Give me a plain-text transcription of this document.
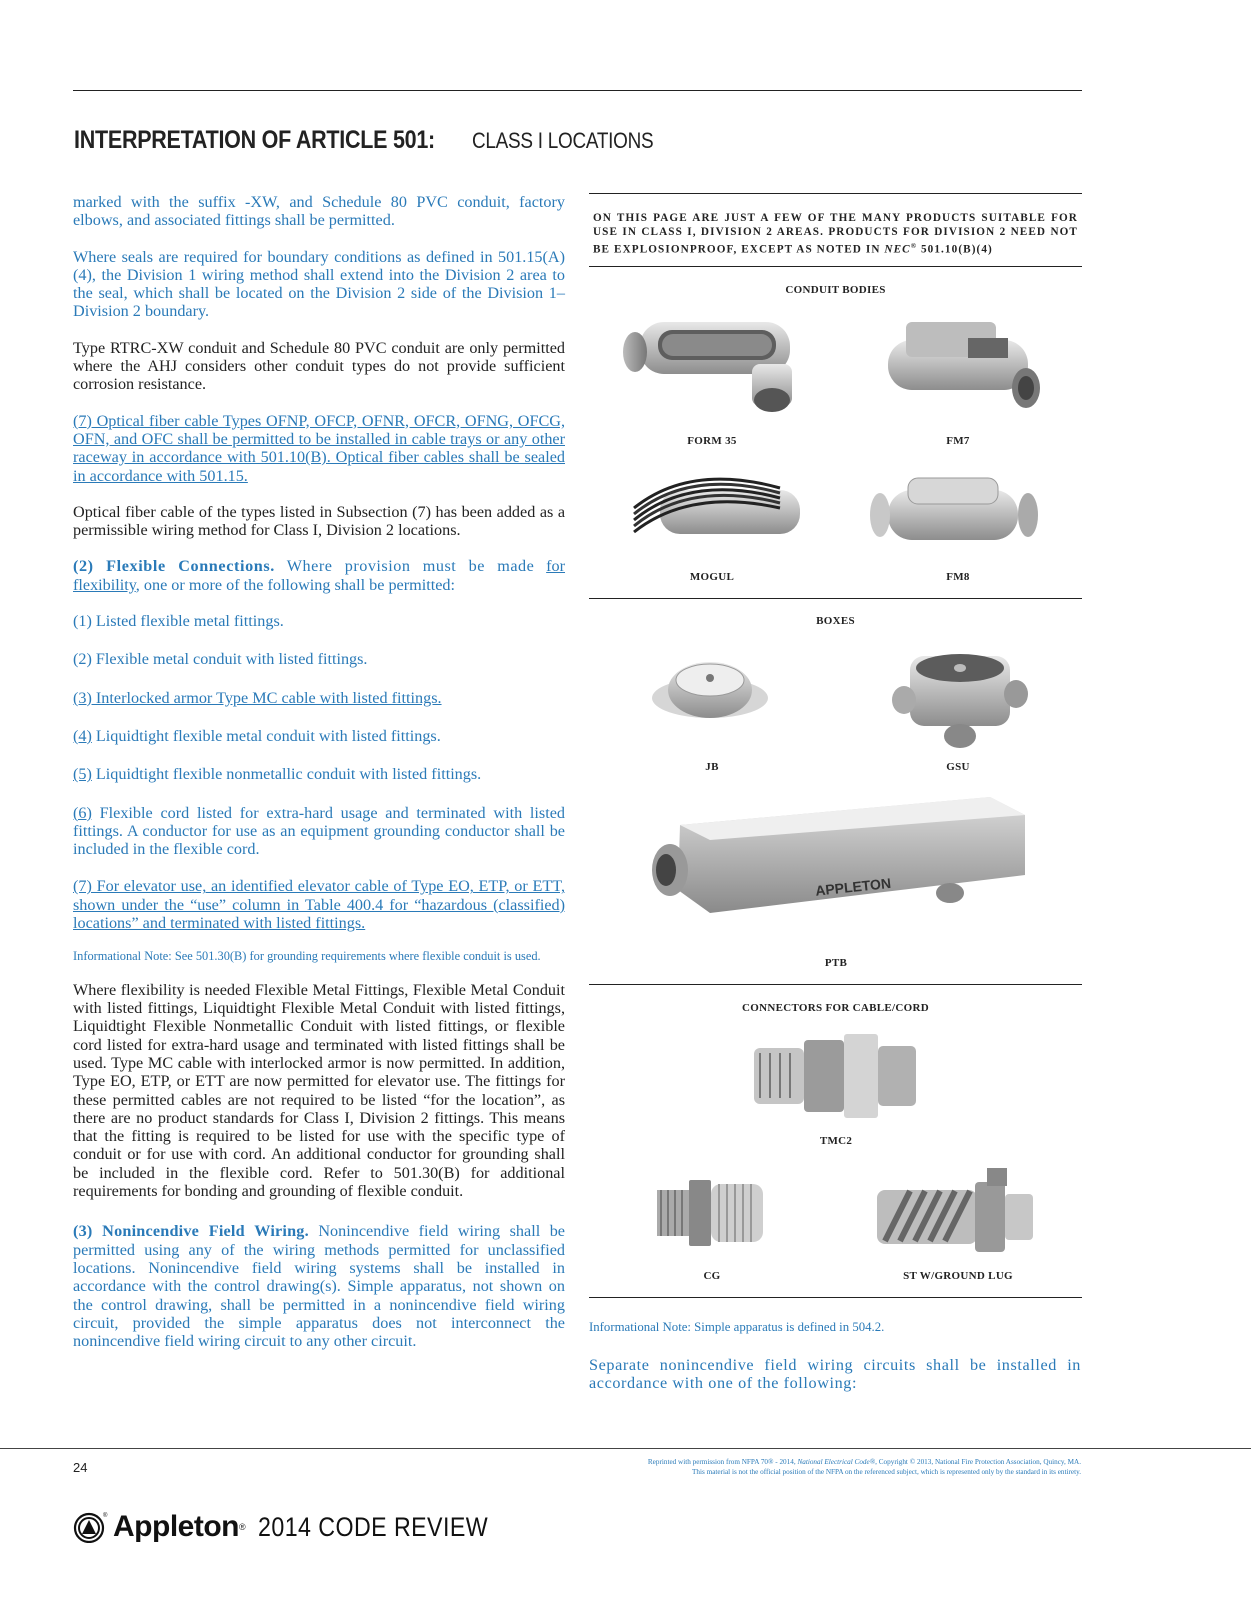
INTERPRETATION OF ARTICLE 501: CLASS I LOCATIONS

marked with the suffix -XW, and Schedule 80 PVC conduit, factory elbows, and associated fittings shall be permitted.

Where seals are required for boundary conditions as defined in 501.15(A)(4), the Division 1 wiring method shall extend into the Division 2 area to the seal, which shall be located on the Division 2 side of the Division 1–Division 2 boundary.

Type RTRC-XW conduit and Schedule 80 PVC conduit are only permitted where the AHJ considers other conduit types do not provide sufficient corrosion resistance.

(7) Optical fiber cable Types OFNP, OFCP, OFNR, OFCR, OFNG, OFCG, OFN, and OFC shall be permitted to be installed in cable trays or any other raceway in accordance with 501.10(B). Optical fiber cables shall be sealed in accordance with 501.15.

Optical fiber cable of the types listed in Subsection (7) has been added as a permissible wiring method for Class I, Division 2 locations.

(2) Flexible Connections. Where provision must be made for flexibility, one or more of the following shall be permitted:

(1) Listed flexible metal fittings.

(2) Flexible metal conduit with listed fittings.

(3) Interlocked armor Type MC cable with listed fittings.

(4) Liquidtight flexible metal conduit with listed fittings.

(5) Liquidtight flexible nonmetallic conduit with listed fittings.

(6) Flexible cord listed for extra-hard usage and terminated with listed fittings. A conductor for use as an equipment grounding conductor shall be included in the flexible cord.

(7) For elevator use, an identified elevator cable of Type EO, ETP, or ETT, shown under the “use” column in Table 400.4 for “hazardous (classified) locations” and terminated with listed fittings.

Informational Note: See 501.30(B) for grounding requirements where flexible conduit is used.

Where flexibility is needed Flexible Metal Fittings, Flexible Metal Conduit with listed fittings, Liquidtight Flexible Metal Conduit with listed fittings, Liquidtight Flexible Nonmetallic Conduit with listed fittings, or flexible cord listed for extra-hard usage and terminated with listed fittings shall be used. Type MC cable with interlocked armor is now permitted. In addition, Type EO, ETP, or ETT are now permitted for elevator use. The fittings for these permitted cables are not required to be listed “for the location”, as there are no product standards for Class I, Division 2 fittings. This means that the fitting is required to be listed for use with the specific type of conduit or for use with cord. An additional conductor for grounding shall be included in the flexible cord. Refer to 501.30(B) for additional requirements for bonding and grounding of flexible conduit.

(3) Nonincendive Field Wiring. Nonincendive field wiring shall be permitted using any of the wiring methods permitted for unclassified locations. Nonincendive field wiring systems shall be installed in accordance with the control drawing(s). Simple apparatus, not shown on the control drawing, shall be permitted in a nonincendive field wiring circuit, provided the simple apparatus does not interconnect the nonincendive field wiring circuit to any other circuit.

ON THIS PAGE ARE JUST A FEW OF THE MANY PRODUCTS SUITABLE FOR USE IN CLASS I, DIVISION 2 AREAS. PRODUCTS FOR DIVISION 2 NEED NOT BE EXPLOSIONPROOF, EXCEPT AS NOTED IN NEC® 501.10(B)(4)
CONDUIT BODIES
FORM 35	FM7
MOGUL	FM8
BOXES
JB	GSU
APPLETON
PTB
CONNECTORS FOR CABLE/CORD
TMC2
CG	ST W/GROUND LUG
Informational Note: Simple apparatus is defined in 504.2.
Separate nonincendive field wiring circuits shall be installed in accordance with one of the following:
24	Reprinted with permission from NFPA 70® - 2014, National Electrical Code®, Copyright © 2013, National Fire Protection Association, Quincy, MA.
This material is not the official position of the NFPA on the referenced subject, which is represented only by the standard in its entirety.
® Appleton ® 2014 CODE REVIEW
